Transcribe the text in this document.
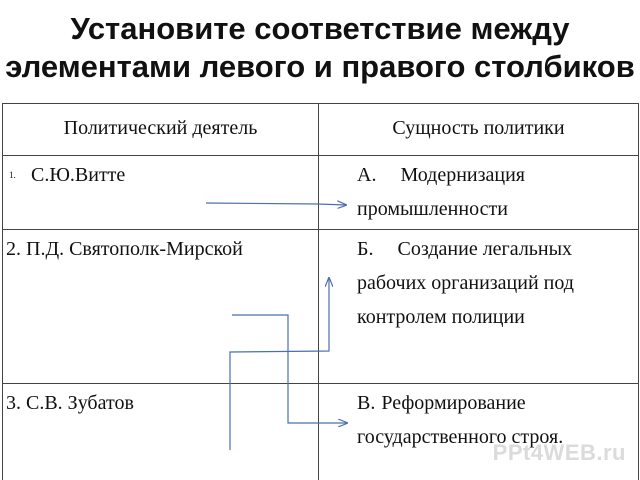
Установите соответствие между
элементами левого и правого столбиков
Политический деятель	Сущность политики
1. С.Ю.Витте	А. Модернизация промышленности
2. П.Д. Святополк-Мирской	Б. Создание легальных рабочих организаций под контролем полиции
3. С.В. Зубатов	В. Реформирование государственного строя.
PPt4WEB.ru
